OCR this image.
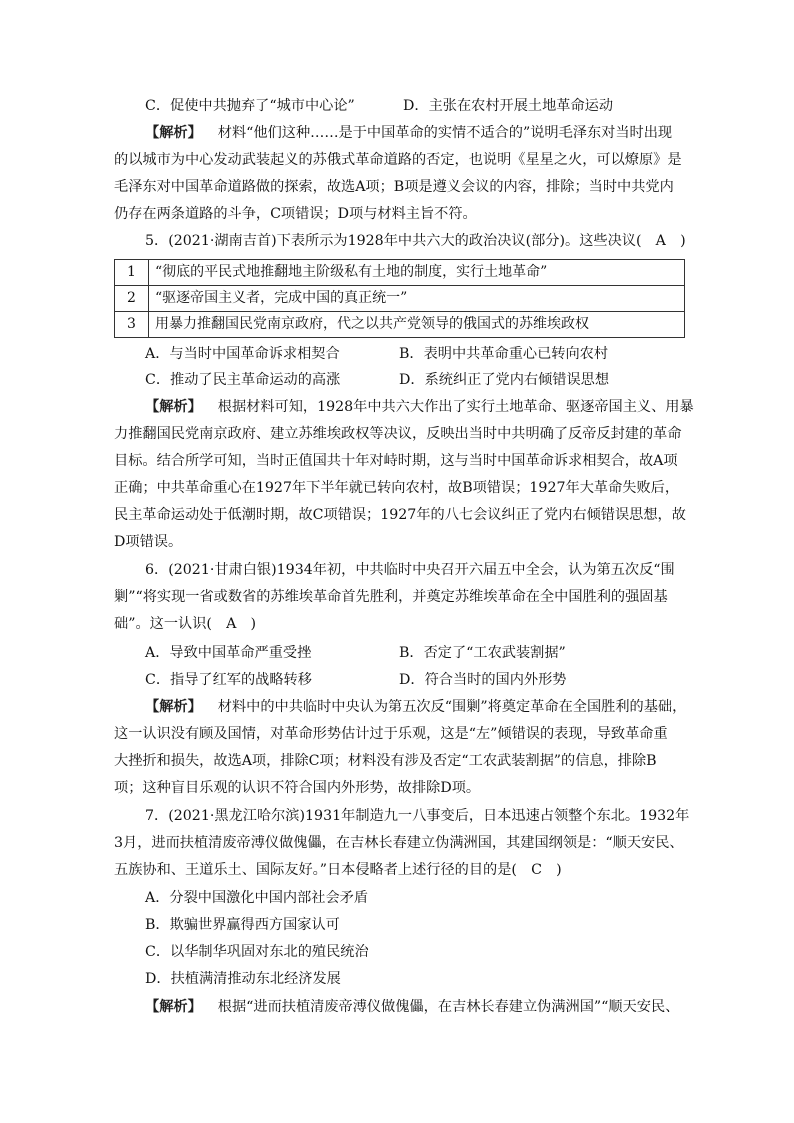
C．促使中共抛弃了“城市中心论”	D．主张在农村开展土地革命运动
【解析】 材料“他们这种……是于中国革命的实情不适合的”说明毛泽东对当时出现
的以城市为中心发动武装起义的苏俄式革命道路的否定，也说明《星星之火，可以燎原》是
毛泽东对中国革命道路做的探索，故选A项；B项是遵义会议的内容，排除；当时中共党内
仍存在两条道路的斗争，C项错误；D项与材料主旨不符。
5．(2021·湖南吉首)下表所示为1928年中共六大的政治决议(部分)。这些决议(　A　)
1	“彻底的平民式地推翻地主阶级私有土地的制度，实行土地革命”
2	“驱逐帝国主义者，完成中国的真正统一”
3	用暴力推翻国民党南京政府，代之以共产党领导的俄国式的苏维埃政权
A．与当时中国革命诉求相契合	B．表明中共革命重心已转向农村
C．推动了民主革命运动的高涨	D．系统纠正了党内右倾错误思想
【解析】 根据材料可知，1928年中共六大作出了实行土地革命、驱逐帝国主义、用暴
力推翻国民党南京政府、建立苏维埃政权等决议，反映出当时中共明确了反帝反封建的革命
目标。结合所学可知，当时正值国共十年对峙时期，这与当时中国革命诉求相契合，故A项
正确；中共革命重心在1927年下半年就已转向农村，故B项错误；1927年大革命失败后，
民主革命运动处于低潮时期，故C项错误；1927年的八七会议纠正了党内右倾错误思想，故
D项错误。
6．(2021·甘肃白银)1934年初，中共临时中央召开六届五中全会，认为第五次反“围
剿”“将实现一省或数省的苏维埃革命首先胜利，并奠定苏维埃革命在全中国胜利的强固基
础”。这一认识(　A　)
A．导致中国革命严重受挫	B．否定了“工农武装割据”
C．指导了红军的战略转移	D．符合当时的国内外形势
【解析】 材料中的中共临时中央认为第五次反“围剿”将奠定革命在全国胜利的基础，
这一认识没有顾及国情，对革命形势估计过于乐观，这是“左”倾错误的表现，导致革命重
大挫折和损失，故选A项，排除C项；材料没有涉及否定“工农武装割据”的信息，排除B
项；这种盲目乐观的认识不符合国内外形势，故排除D项。
7．(2021·黑龙江哈尔滨)1931年制造九一八事变后，日本迅速占领整个东北。1932年
3月，进而扶植清废帝溥仪做傀儡，在吉林长春建立伪满洲国，其建国纲领是：“顺天安民、
五族协和、王道乐土、国际友好。”日本侵略者上述行径的目的是(　C　)
A．分裂中国激化中国内部社会矛盾
B．欺骗世界赢得西方国家认可
C．以华制华巩固对东北的殖民统治
D．扶植满清推动东北经济发展
【解析】 根据“进而扶植清废帝溥仪做傀儡，在吉林长春建立伪满洲国”“顺天安民、
